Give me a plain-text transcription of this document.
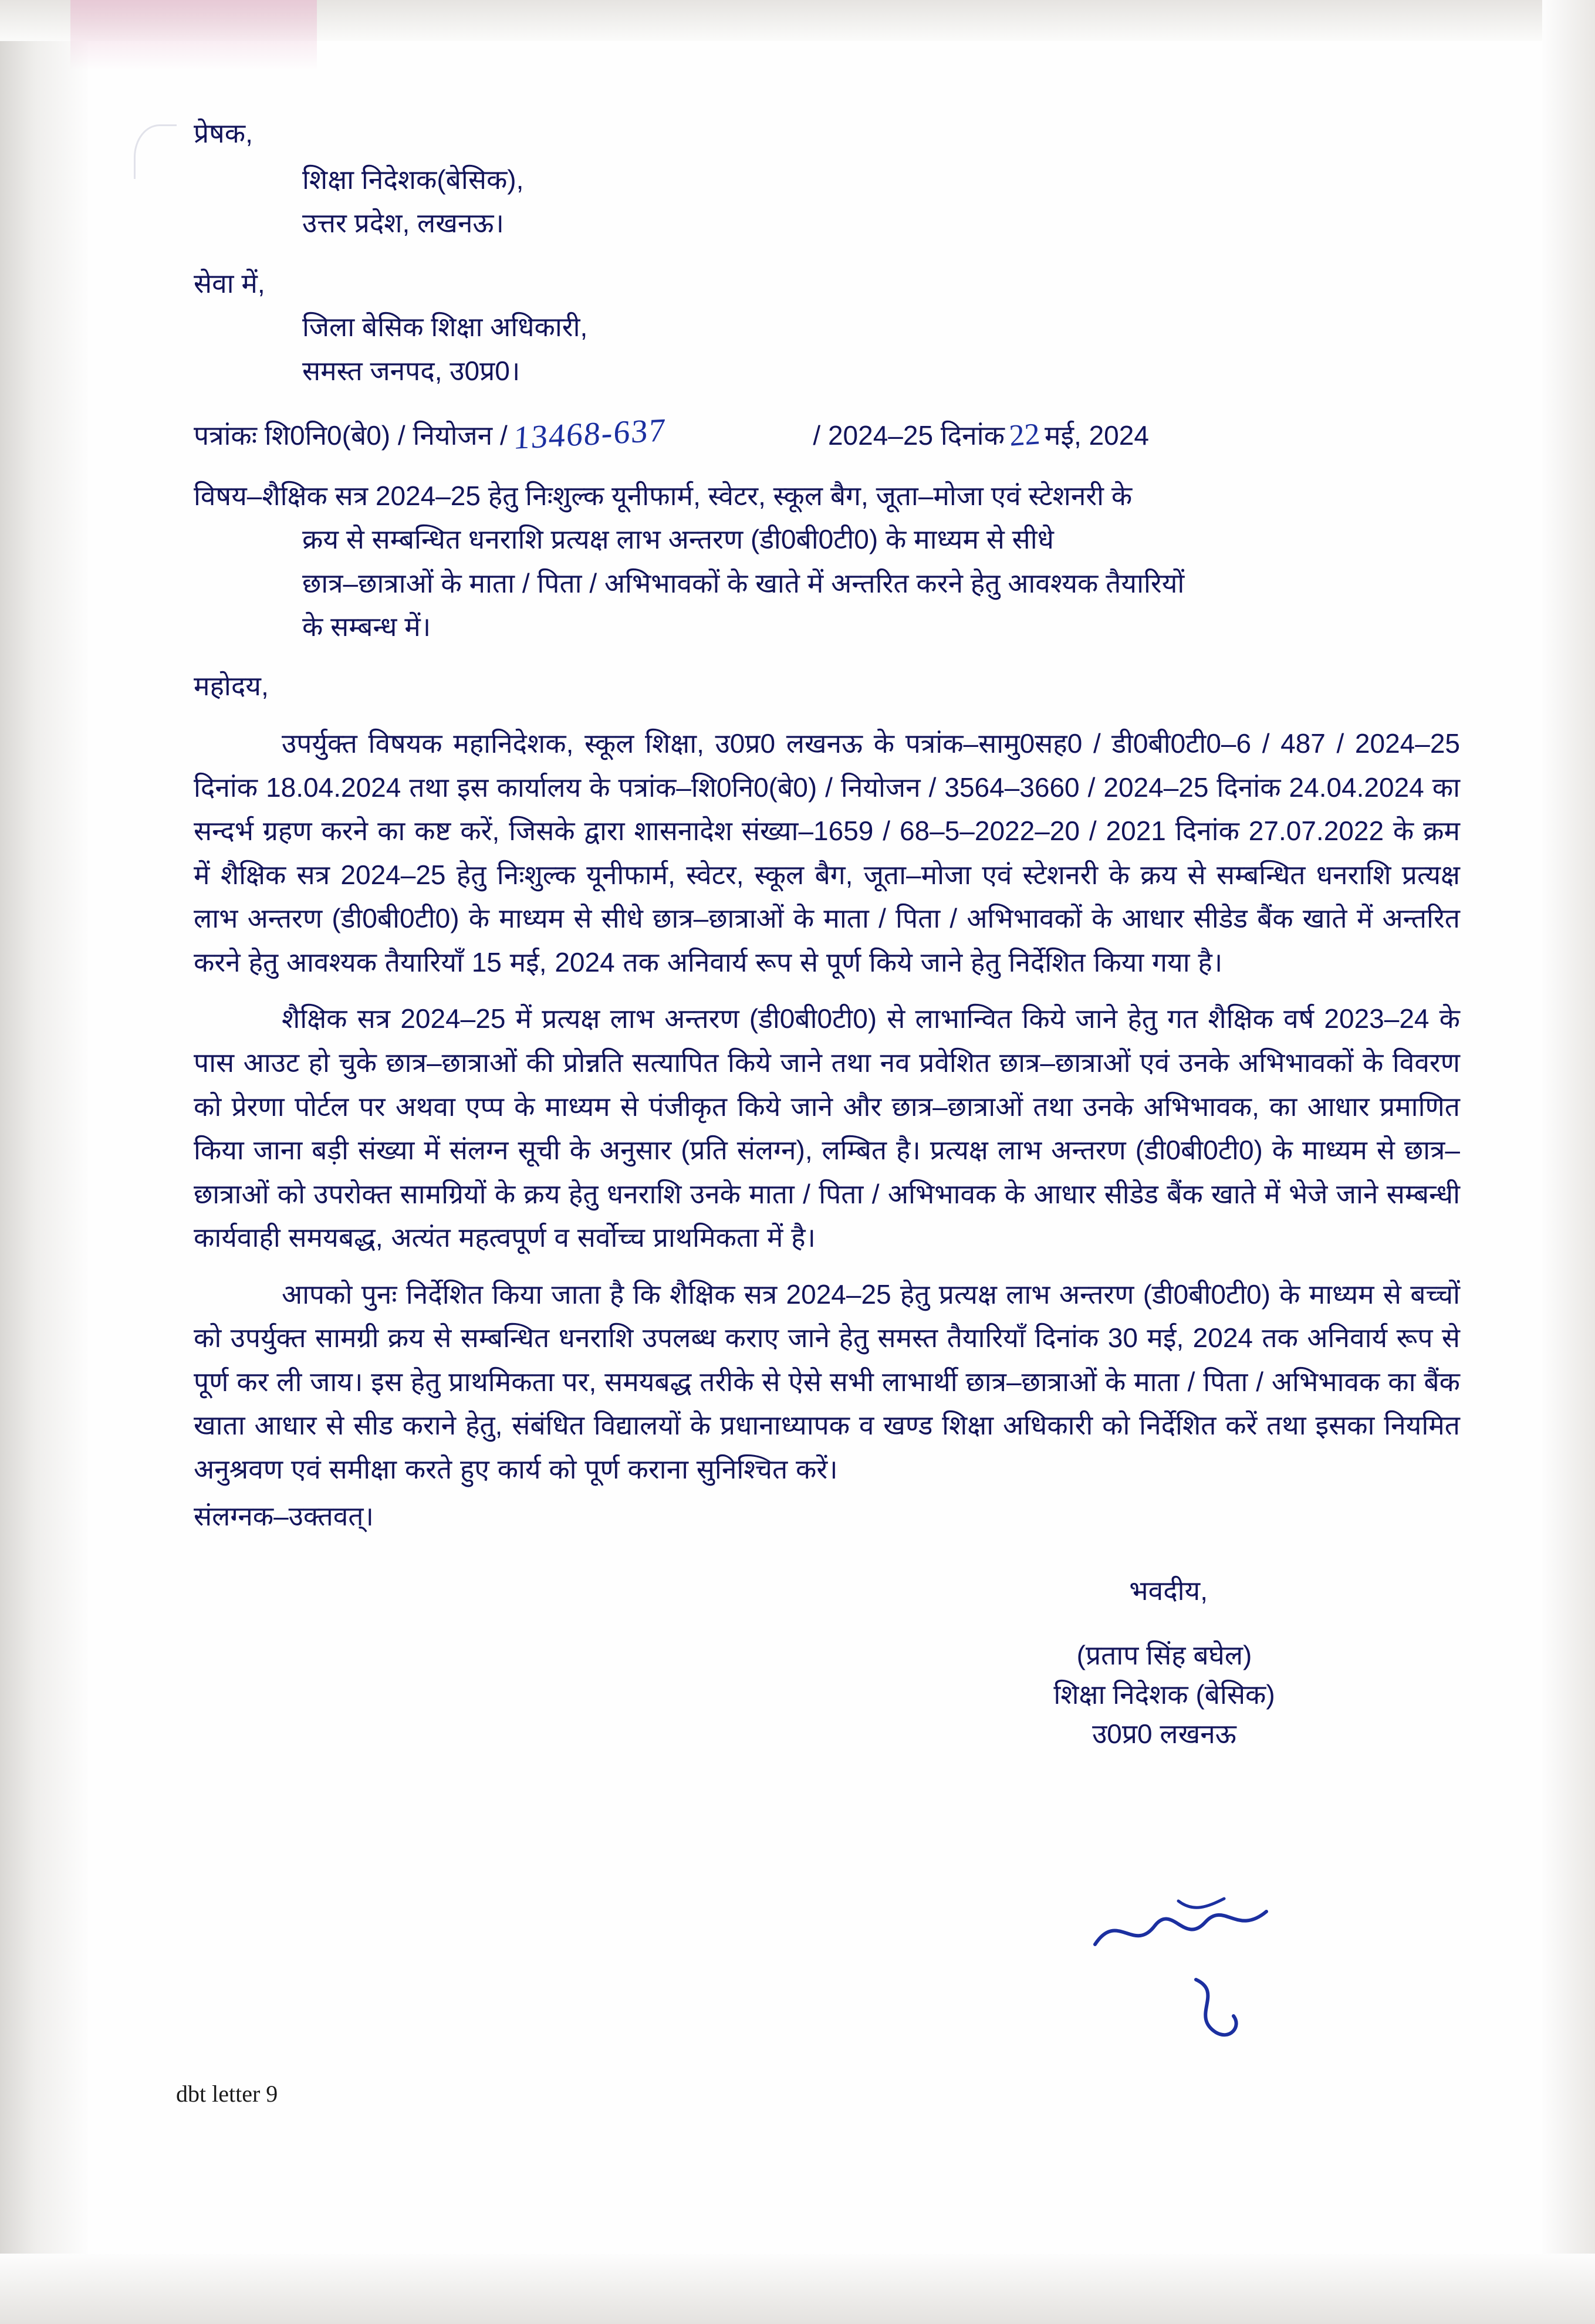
प्रेषक,
शिक्षा निदेशक(बेसिक),
उत्तर प्रदेश, लखनऊ।
सेवा में,
जिला बेसिक शिक्षा अधिकारी,
समस्त जनपद, उ0प्र0।
पत्रांकः शि0नि0(बे0) / नियोजन / 13468-637	/ 2024–25 दिनांक 22 मई, 2024
विषय–शैक्षिक सत्र 2024–25 हेतु निःशुल्क यूनीफार्म, स्वेटर, स्कूल बैग, जूता–मोजा एवं स्टेशनरी के
क्रय से सम्बन्धित धनराशि प्रत्यक्ष लाभ अन्तरण (डी0बी0टी0) के माध्यम से सीधे
छात्र–छात्राओं के माता / पिता / अभिभावकों के खाते में अन्तरित करने हेतु आवश्यक तैयारियों
के सम्बन्ध में।
महोदय,

उपर्युक्त विषयक महानिदेशक, स्कूल शिक्षा, उ0प्र0 लखनऊ के पत्रांक–सामु0सह0 / डी0बी0टी0–6 / 487 / 2024–25 दिनांक 18.04.2024 तथा इस कार्यालय के पत्रांक–शि0नि0(बे0) / नियोजन / 3564–3660 / 2024–25 दिनांक 24.04.2024 का सन्दर्भ ग्रहण करने का कष्ट करें, जिसके द्वारा शासनादेश संख्या–1659 / 68–5–2022–20 / 2021 दिनांक 27.07.2022 के क्रम में शैक्षिक सत्र 2024–25 हेतु निःशुल्क यूनीफार्म, स्वेटर, स्कूल बैग, जूता–मोजा एवं स्टेशनरी के क्रय से सम्बन्धित धनराशि प्रत्यक्ष लाभ अन्तरण (डी0बी0टी0) के माध्यम से सीधे छात्र–छात्राओं के माता / पिता / अभिभावकों के आधार सीडेड बैंक खाते में अन्तरित करने हेतु आवश्यक तैयारियाँ 15 मई, 2024 तक अनिवार्य रूप से पूर्ण किये जाने हेतु निर्देशित किया गया है।

शैक्षिक सत्र 2024–25 में प्रत्यक्ष लाभ अन्तरण (डी0बी0टी0) से लाभान्वित किये जाने हेतु गत शैक्षिक वर्ष 2023–24 के पास आउट हो चुके छात्र–छात्राओं की प्रोन्नति सत्यापित किये जाने तथा नव प्रवेशित छात्र–छात्राओं एवं उनके अभिभावकों के विवरण को प्रेरणा पोर्टल पर अथवा एप्प के माध्यम से पंजीकृत किये जाने और छात्र–छात्राओं तथा उनके अभिभावक, का आधार प्रमाणित किया जाना बड़ी संख्या में संलग्न सूची के अनुसार (प्रति संलग्न), लम्बित है। प्रत्यक्ष लाभ अन्तरण (डी0बी0टी0) के माध्यम से छात्र–छात्राओं को उपरोक्त सामग्रियों के क्रय हेतु धनराशि उनके माता / पिता / अभिभावक के आधार सीडेड बैंक खाते में भेजे जाने सम्बन्धी कार्यवाही समयबद्ध, अत्यंत महत्वपूर्ण व सर्वोच्च प्राथमिकता में है।

आपको पुनः निर्देशित किया जाता है कि शैक्षिक सत्र 2024–25 हेतु प्रत्यक्ष लाभ अन्तरण (डी0बी0टी0) के माध्यम से बच्चों को उपर्युक्त सामग्री क्रय से सम्बन्धित धनराशि उपलब्ध कराए जाने हेतु समस्त तैयारियाँ दिनांक 30 मई, 2024 तक अनिवार्य रूप से पूर्ण कर ली जाय। इस हेतु प्राथमिकता पर, समयबद्ध तरीके से ऐसे सभी लाभार्थी छात्र–छात्राओं के माता / पिता / अभिभावक का बैंक खाता आधार से सीड कराने हेतु, संबंधित विद्यालयों के प्रधानाध्यापक व खण्ड शिक्षा अधिकारी को निर्देशित करें तथा इसका नियमित अनुश्रवण एवं समीक्षा करते हुए कार्य को पूर्ण कराना सुनिश्चित करें।

संलग्नक–उक्तवत्।
भवदीय,
(प्रताप सिंह बघेल)
शिक्षा निदेशक (बेसिक)
उ0प्र0 लखनऊ
dbt letter 9
